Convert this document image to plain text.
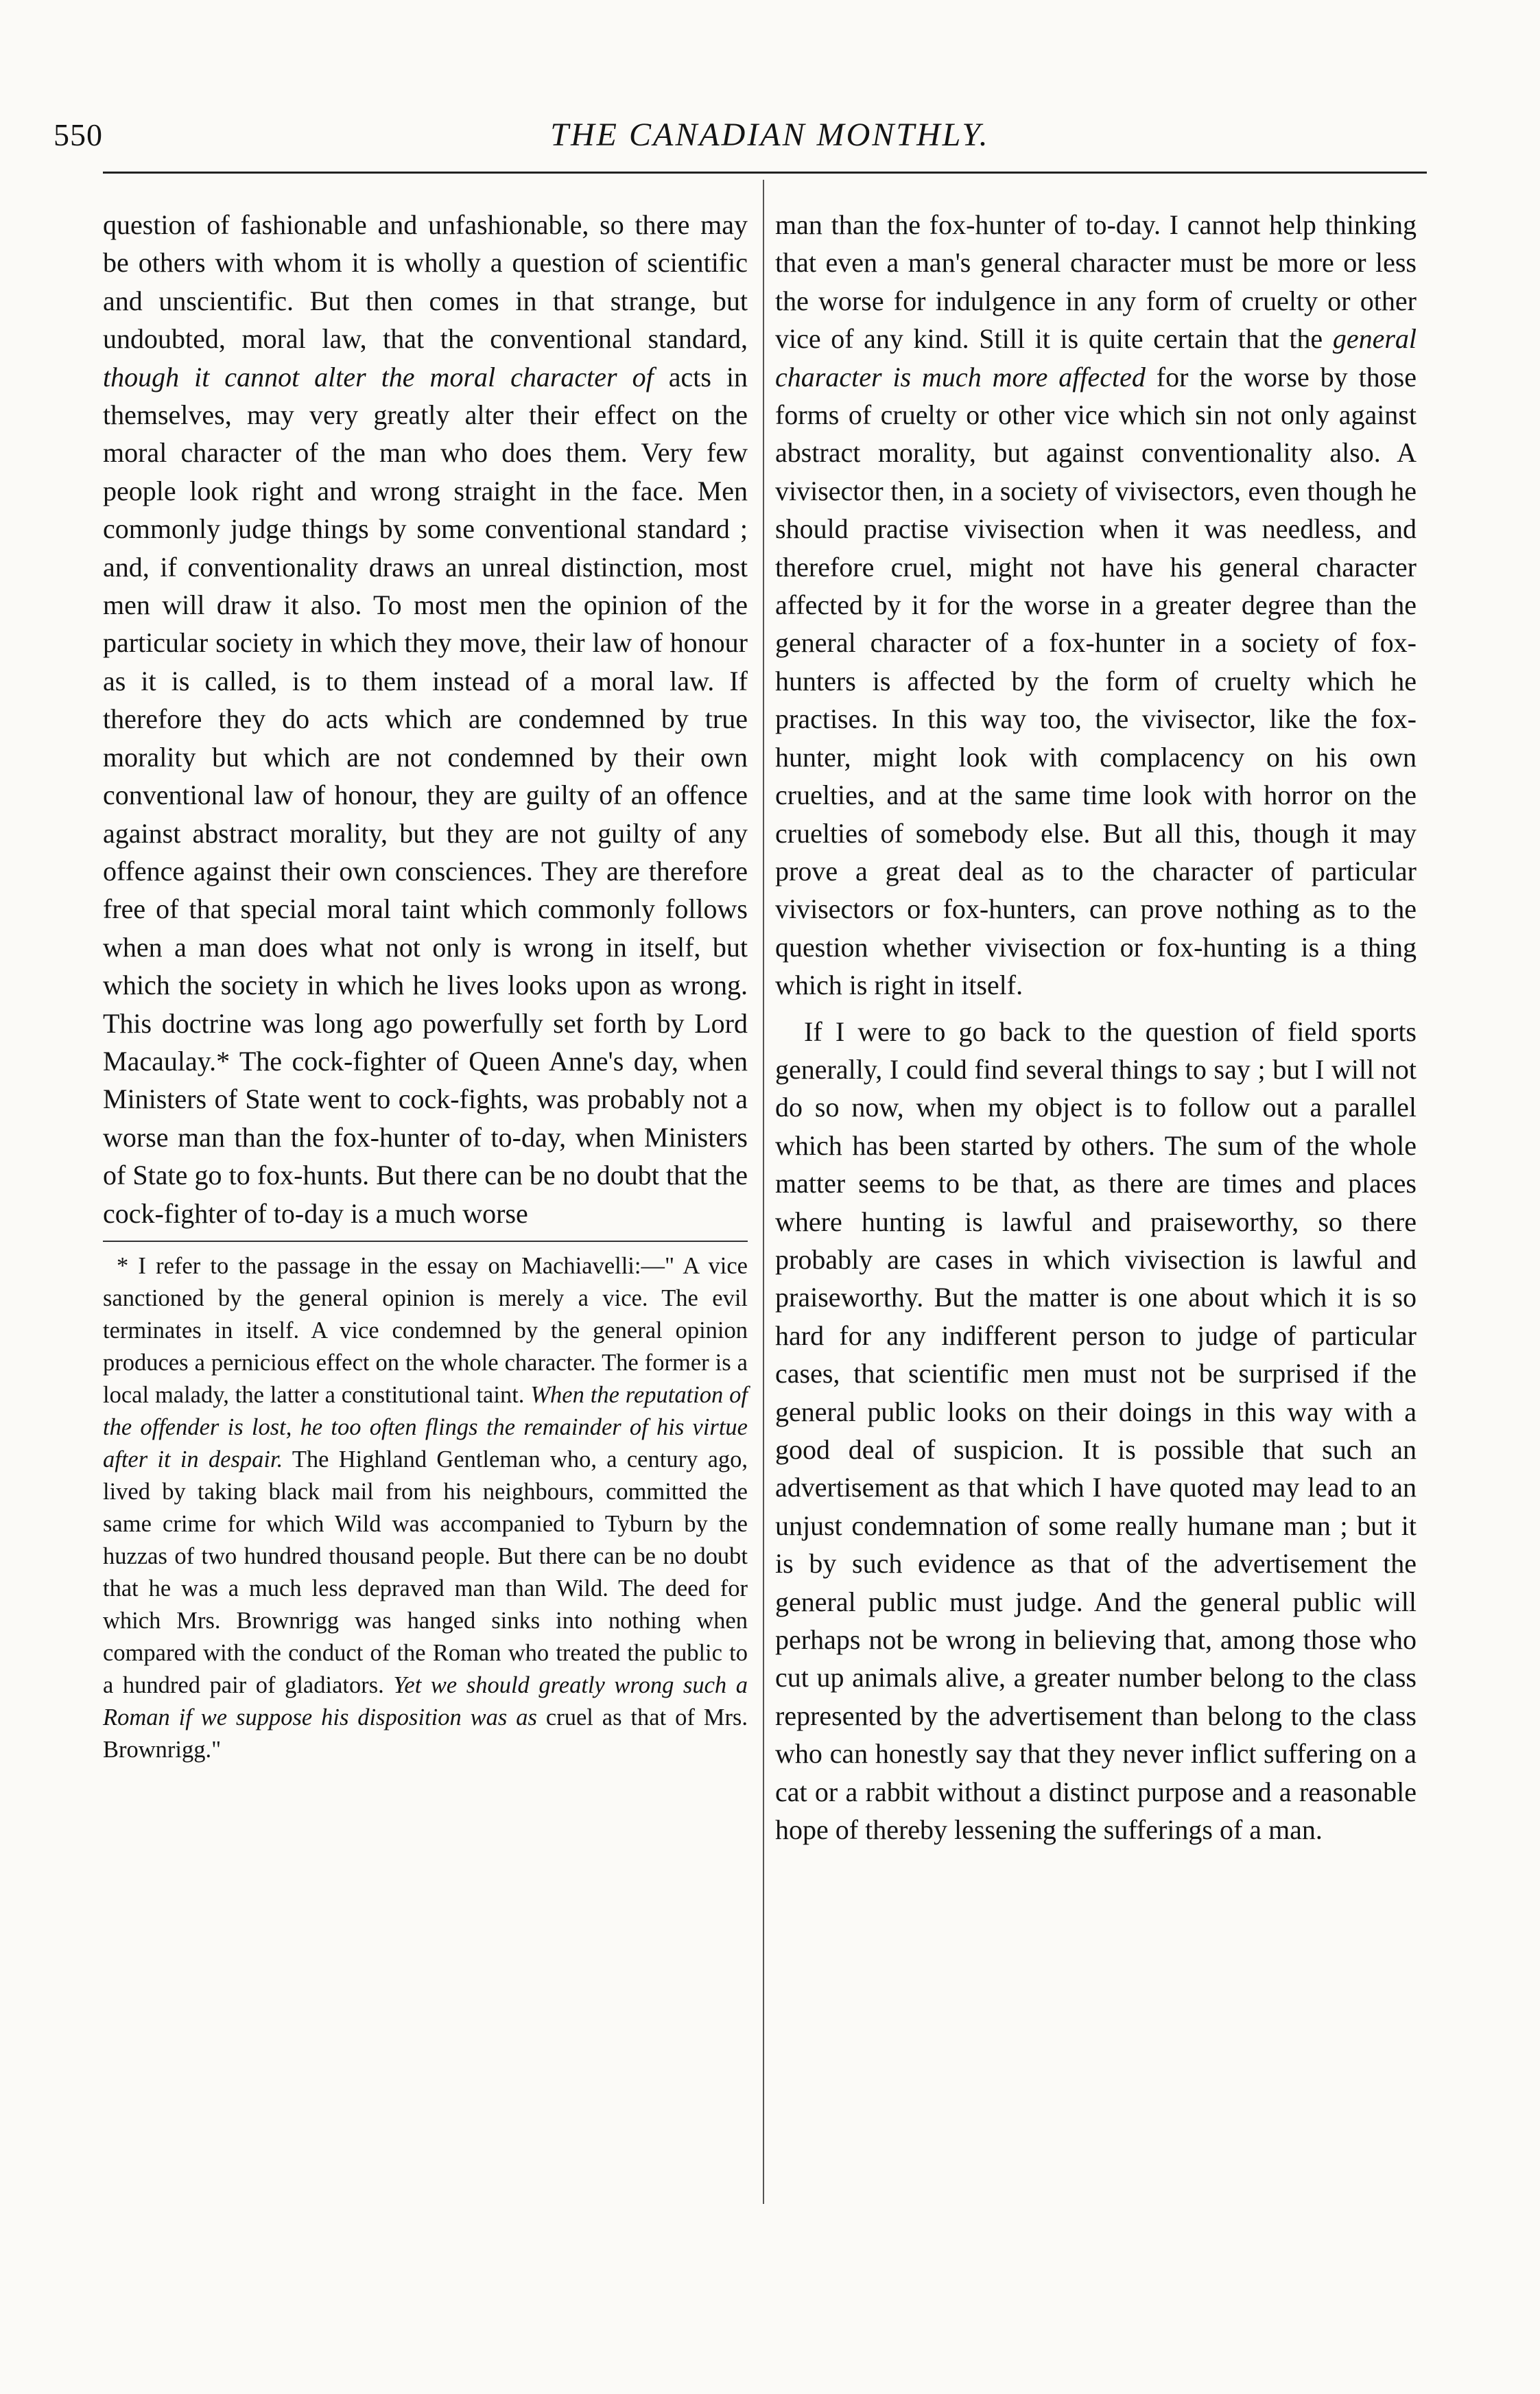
550	THE CANADIAN MONTHLY.

question of fashionable and unfashionable, so there may be others with whom it is wholly a question of scientific and unscientific. But then comes in that strange, but undoubted, moral law, that the conventional standard, though it cannot alter the moral character of acts in themselves, may very greatly alter their effect on the moral character of the man who does them. Very few people look right and wrong straight in the face. Men commonly judge things by some conventional standard ; and, if conventionality draws an unreal distinction, most men will draw it also. To most men the opinion of the particular society in which they move, their law of honour as it is called, is to them instead of a moral law. If therefore they do acts which are condemned by true morality but which are not condemned by their own conventional law of honour, they are guilty of an offence against abstract morality, but they are not guilty of any offence against their own consciences. They are therefore free of that special moral taint which commonly follows when a man does what not only is wrong in itself, but which the society in which he lives looks upon as wrong. This doctrine was long ago powerfully set forth by Lord Macaulay.* The cock-fighter of Queen Anne's day, when Ministers of State went to cock-fights, was probably not a worse man than the fox-hunter of to-day, when Ministers of State go to fox-hunts. But there can be no doubt that the cock-fighter of to-day is a much worse

* I refer to the passage in the essay on Machiavelli:—" A vice sanctioned by the general opinion is merely a vice. The evil terminates in itself. A vice condemned by the general opinion produces a pernicious effect on the whole character. The former is a local malady, the latter a constitutional taint. When the reputation of the offender is lost, he too often flings the remainder of his virtue after it in despair. The Highland Gentleman who, a century ago, lived by taking black mail from his neighbours, committed the same crime for which Wild was accompanied to Tyburn by the huzzas of two hundred thousand people. But there can be no doubt that he was a much less depraved man than Wild. The deed for which Mrs. Brownrigg was hanged sinks into nothing when compared with the conduct of the Roman who treated the public to a hundred pair of gladiators. Yet we should greatly wrong such a Roman if we suppose his disposition was as cruel as that of Mrs. Brownrigg."

man than the fox-hunter of to-day. I cannot help thinking that even a man's general character must be more or less the worse for indulgence in any form of cruelty or other vice of any kind. Still it is quite certain that the general character is much more affected for the worse by those forms of cruelty or other vice which sin not only against abstract morality, but against conventionality also. A vivisector then, in a society of vivisectors, even though he should practise vivisection when it was needless, and therefore cruel, might not have his general character affected by it for the worse in a greater degree than the general character of a fox-hunter in a society of fox-hunters is affected by the form of cruelty which he practises. In this way too, the vivisector, like the fox-hunter, might look with complacency on his own cruelties, and at the same time look with horror on the cruelties of somebody else. But all this, though it may prove a great deal as to the character of particular vivisectors or fox-hunters, can prove nothing as to the question whether vivisection or fox-hunting is a thing which is right in itself.

If I were to go back to the question of field sports generally, I could find several things to say ; but I will not do so now, when my object is to follow out a parallel which has been started by others. The sum of the whole matter seems to be that, as there are times and places where hunting is lawful and praiseworthy, so there probably are cases in which vivisection is lawful and praiseworthy. But the matter is one about which it is so hard for any indifferent person to judge of particular cases, that scientific men must not be surprised if the general public looks on their doings in this way with a good deal of suspicion. It is possible that such an advertisement as that which I have quoted may lead to an unjust condemnation of some really humane man ; but it is by such evidence as that of the advertisement the general public must judge. And the general public will perhaps not be wrong in believing that, among those who cut up animals alive, a greater number belong to the class represented by the advertisement than belong to the class who can honestly say that they never inflict suffering on a cat or a rabbit without a distinct purpose and a reasonable hope of thereby lessening the sufferings of a man.
